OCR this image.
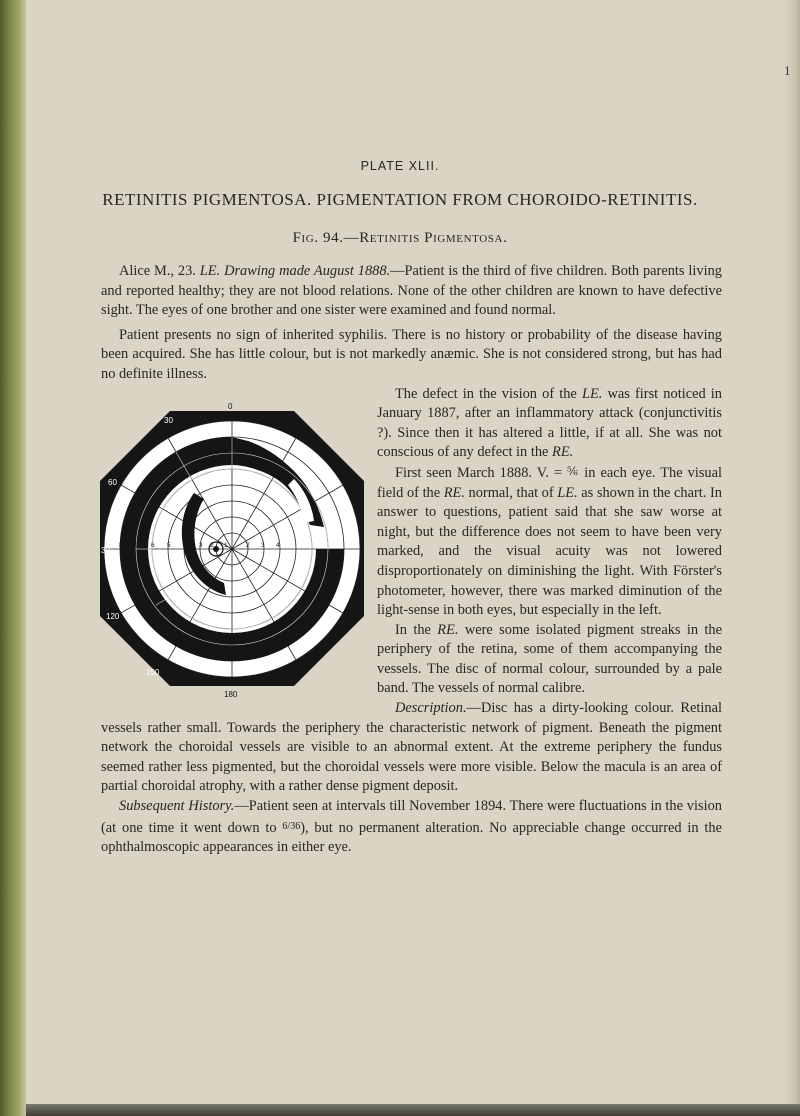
1
PLATE XLII.
RETINITIS PIGMENTOSA. PIGMENTATION FROM CHOROIDO-RETINITIS.
Fig. 94.—Retinitis Pigmentosa.

Alice M., 23. LE. Drawing made August 1888.—Patient is the third of five children. Both parents living and reported healthy; they are not blood relations. None of the other children are known to have defective sight. The eyes of one brother and one sister were examined and found normal.

Patient presents no sign of inherited syphilis. There is no history or probability of the disease having been acquired. She has little colour, but is not markedly anæmic. She is not considered strong, but has had no definite illness.

0
180
30
60
30
120
150
8 7 6 5 4 3 2 1	2 3 4

The defect in the vision of the LE. was first noticed in January 1887, after an inflammatory attack (conjunctivitis ?). Since then it has altered a little, if at all. She was not conscious of any defect in the RE.

First seen March 1888. V. = ⅚ in each eye. The visual field of the RE. normal, that of LE. as shown in the chart. In answer to questions, patient said that she saw worse at night, but the difference does not seem to have been very marked, and the visual acuity was not lowered disproportionately on diminishing the light. With Förster's photometer, however, there was marked diminution of the light-sense in both eyes, but especially in the left.

In the RE. were some isolated pigment streaks in the periphery of the retina, some of them accompanying the vessels. The disc of normal colour, surrounded by a pale band. The vessels of normal calibre.

Description.—Disc has a dirty-looking colour. Retinal vessels rather small. Towards the periphery the characteristic network of pigment. Beneath the pigment network the choroidal vessels are visible to an abnormal extent. At the extreme periphery the fundus seemed rather less pigmented, but the choroidal vessels were more visible. Below the macula is an area of partial choroidal atrophy, with a rather dense pigment deposit.

Subsequent History.—Patient seen at intervals till November 1894. There were fluctuations in the vision (at one time it went down to $^{6/36}$), but no permanent alteration. No appreciable change occurred in the ophthalmoscopic appearances in either eye.
